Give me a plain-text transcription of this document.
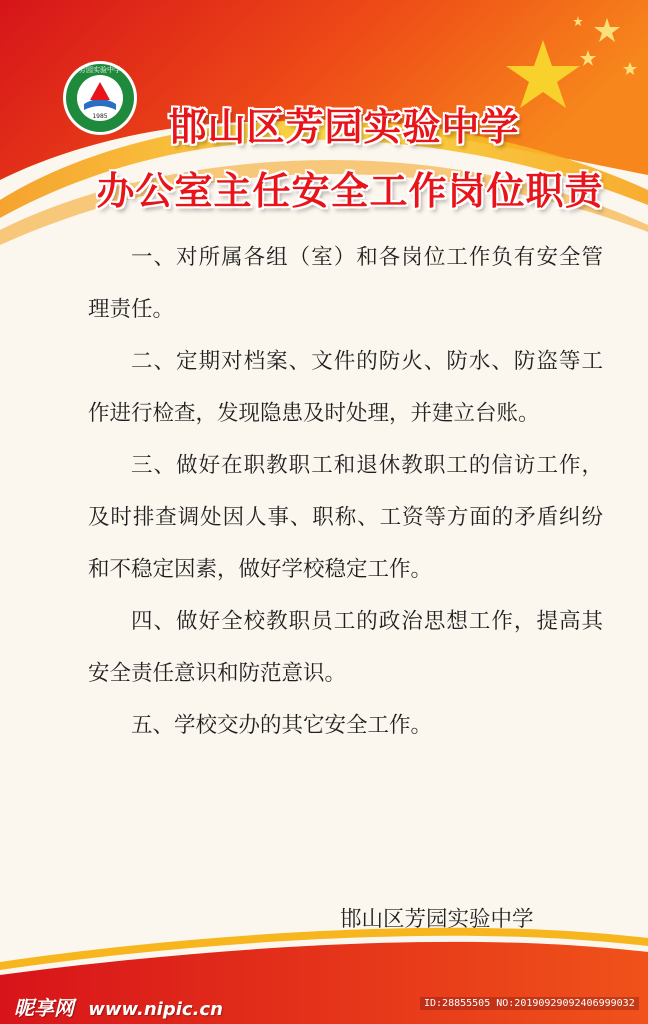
1985
芳园实验中学
邯山区芳园实验中学
办公室主任安全工作岗位职责

一、对所属各组（室）和各岗位工作负有安全管理责任。

二、定期对档案、文件的防火、防水、防盗等工作进行检查，发现隐患及时处理，并建立台账。

三、做好在职教职工和退休教职工的信访工作，及时排查调处因人事、职称、工资等方面的矛盾纠纷和不稳定因素，做好学校稳定工作。

四、做好全校教职员工的政治思想工作，提高其安全责任意识和防范意识。

五、学校交办的其它安全工作。

邯山区芳园实验中学
昵享网 www.nipic.cn	ID:28855505 NO:20190929092406999032
